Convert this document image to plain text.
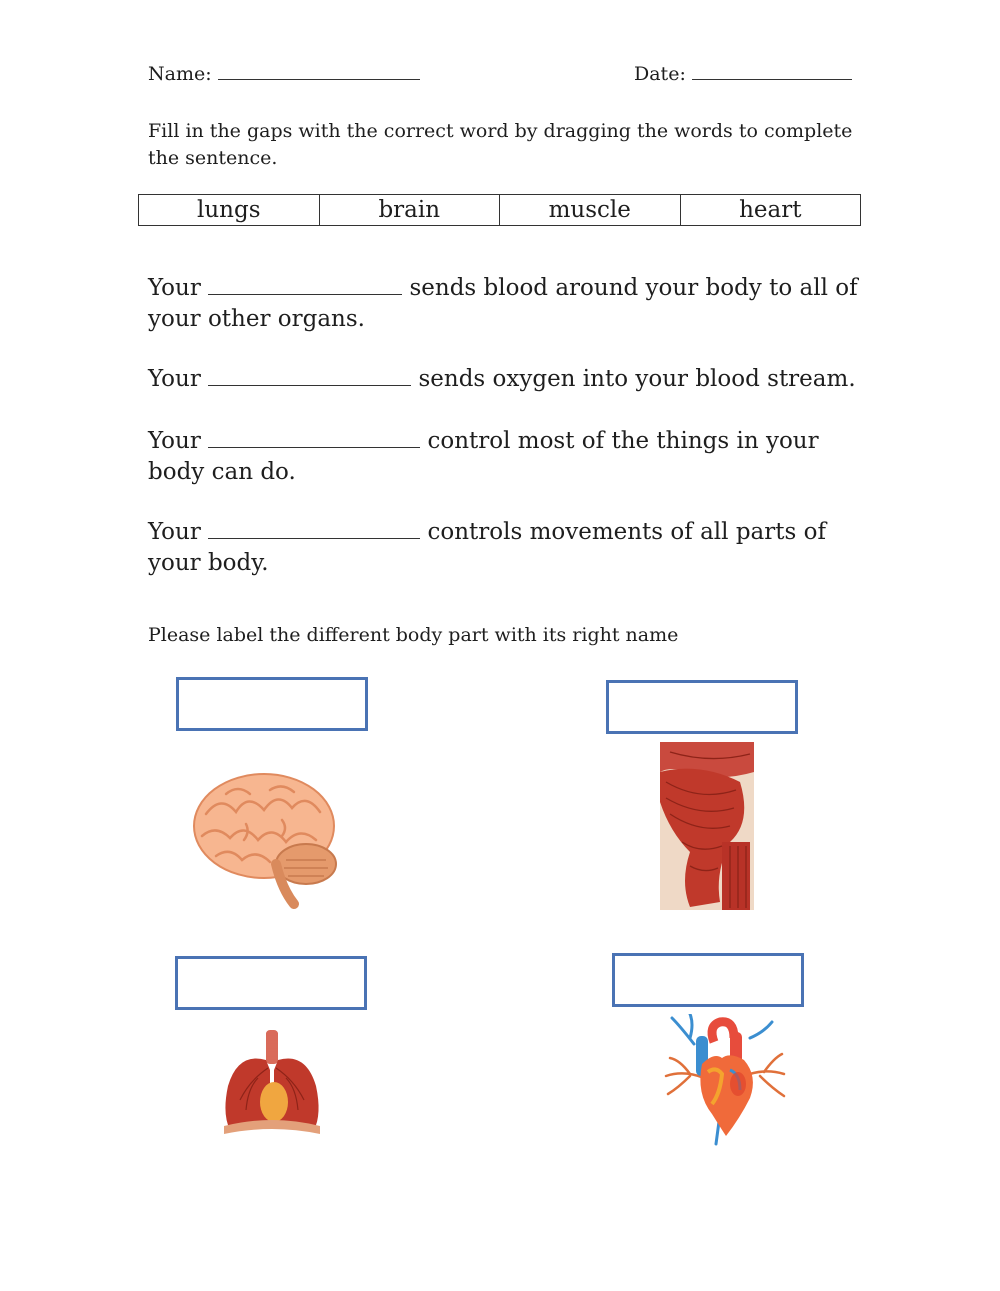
Name:	Date:
Fill in the gaps with the correct word by dragging the words to complete the sentence.
lungs	brain	muscle	heart
Your	sends blood around your body to all of your other organs.
Your	sends oxygen into your blood stream.
Your	control most of the things in your body can do.
Your	controls movements of all parts of your body.
Please label the different body part with its right name
